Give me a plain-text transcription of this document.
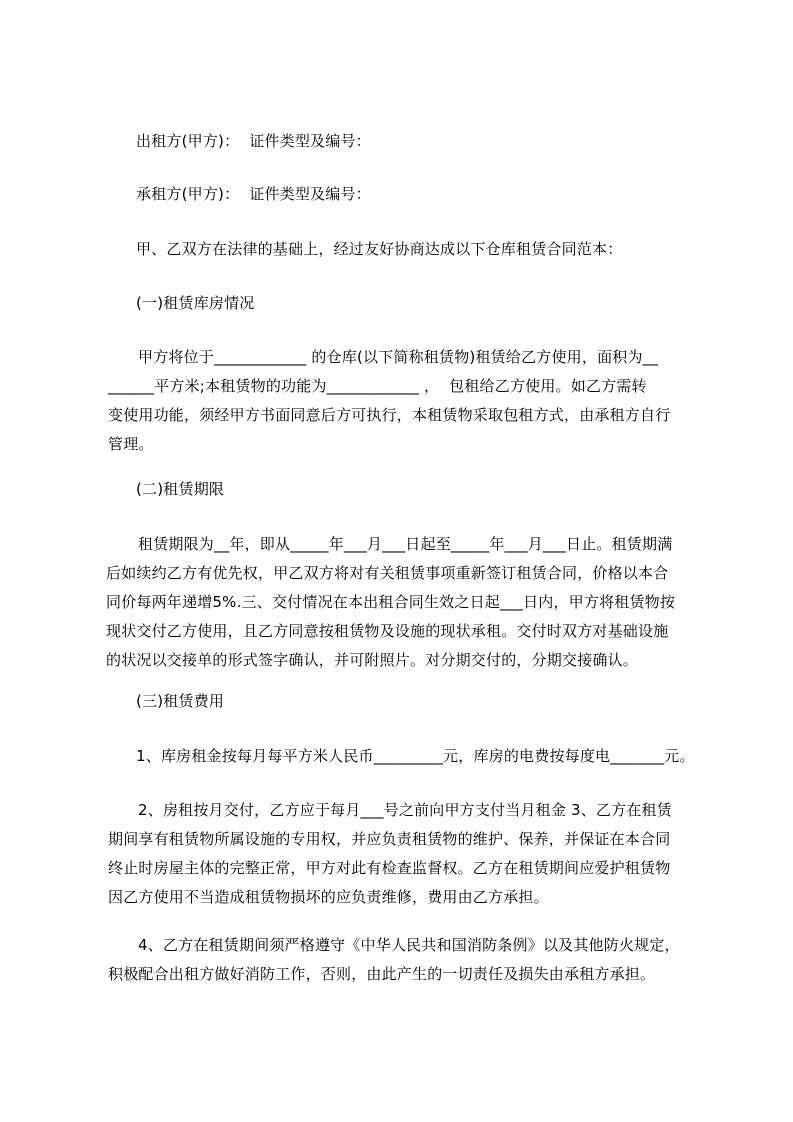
出租方(甲方)：  证件类型及编号：
承租方(甲方)：  证件类型及编号：
甲、乙双方在法律的基础上，经过友好协商达成以下仓库租赁合同范本：
(一)租赁库房情况
甲方将位于____________ 的仓库(以下简称租赁物)租赁给乙方使用，面积为__
______平方米;本租赁物的功能为____________ ，  包租给乙方使用。如乙方需转
变使用功能，须经甲方书面同意后方可执行，本租赁物采取包租方式，由承租方自行
管理。
(二)租赁期限
租赁期限为__年，即从_____年___月___日起至_____年___月___日止。租赁期满
后如续约乙方有优先权，甲乙双方将对有关租赁事项重新签订租赁合同，价格以本合
同价每两年递增5%.三、交付情况在本出租合同生效之日起___日内，甲方将租赁物按
现状交付乙方使用，且乙方同意按租赁物及设施的现状承租。交付时双方对基础设施
的状况以交接单的形式签字确认，并可附照片。对分期交付的，分期交接确认。
(三)租赁费用
1、库房租金按每月每平方米人民币_________元，库房的电费按每度电_______元。
2、房租按月交付，乙方应于每月___号之前向甲方支付当月租金 3、乙方在租赁
期间享有租赁物所属设施的专用权，并应负责租赁物的维护、保养，并保证在本合同
终止时房屋主体的完整正常，甲方对此有检查监督权。乙方在租赁期间应爱护租赁物
因乙方使用不当造成租赁物损坏的应负责维修，费用由乙方承担。
4、乙方在租赁期间须严格遵守《中华人民共和国消防条例》以及其他防火规定，
积极配合出租方做好消防工作，否则，由此产生的一切责任及损失由承租方承担。
